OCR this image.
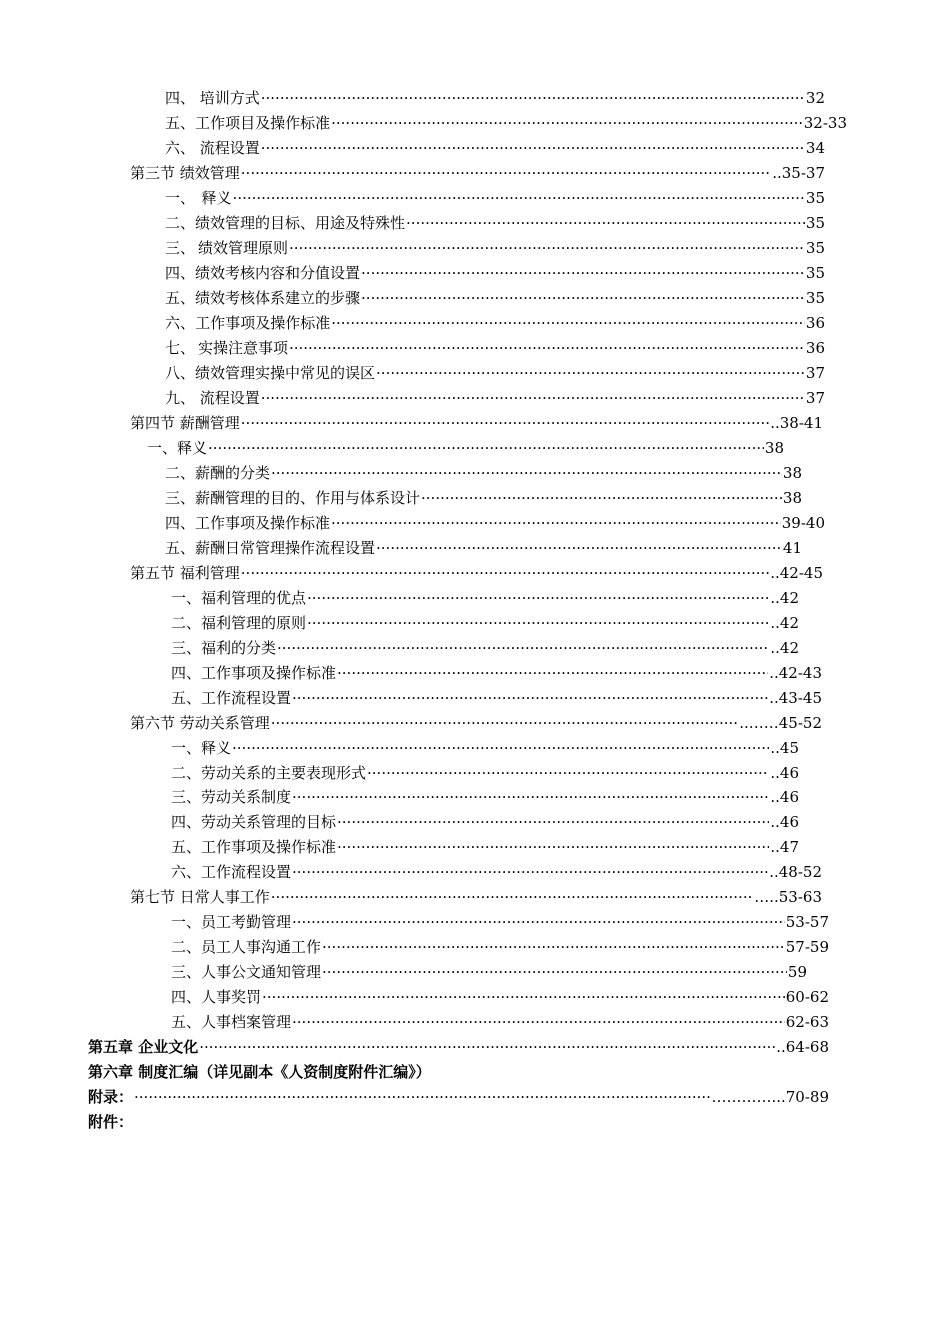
四、 培训方式 ·····	32
五、 工作项目及操作标准 ·····	32-33
六、 流程设置 ·····	34
第三节 绩效管理 ·····	..35-37
一、 释义 ·····	35
二、 绩效管理的目标、用途及特殊性 ·····	35
三、 绩效管理原则 ·····	35
四、 绩效考核内容和分值设置 ·····	35
五、 绩效考核体系建立的步骤 ·····	35
六、 工作事项及操作标准 ·····	36
七、 实操注意事项 ·····	36
八、 绩效管理实操中常见的误区 ·····	37
九、 流程设置 ·····	37
第四节 薪酬管理 ·····	..38-41
一、释义 ·····	38
二、薪酬的分类 ·····	38
三、薪酬管理的目的、作用与体系设计 ·····	38
四、工作事项及操作标准 ·····	39-40
五、薪酬日常管理操作流程设置 ·····	41
第五节 福利管理 ·····	..42-45
一、福利管理的优点 ·····	..42
二、福利管理的原则 ·····	..42
三、福利的分类 ·····	..42
四、工作事项及操作标准 ·····	..42-43
五、工作流程设置 ·····	..43-45
第六节 劳动关系管理 ·····	..……45-52
一、释义 ·····	..45
二、劳动关系的主要表现形式 ·····	..46
三、劳动关系制度 ·····	..46
四、劳动关系管理的目标 ·····	..46
五、工作事项及操作标准 ·····	..47
六、工作流程设置 ·····	..48-52
第七节 日常人事工作 ·····	…..53-63
一、员工考勤管理 ·····	53-57
二、员工人事沟通工作 ·····	57-59
三、人事公文通知管理 ·····	59
四、人事奖罚 ·····	60-62
五、人事档案管理 ·····	62-63
第五章 企业文化 ·····	..64-68
第六章 制度汇编（详见副本《人资制度附件汇编》）
附录： ·····	…………...70-89
附件：
